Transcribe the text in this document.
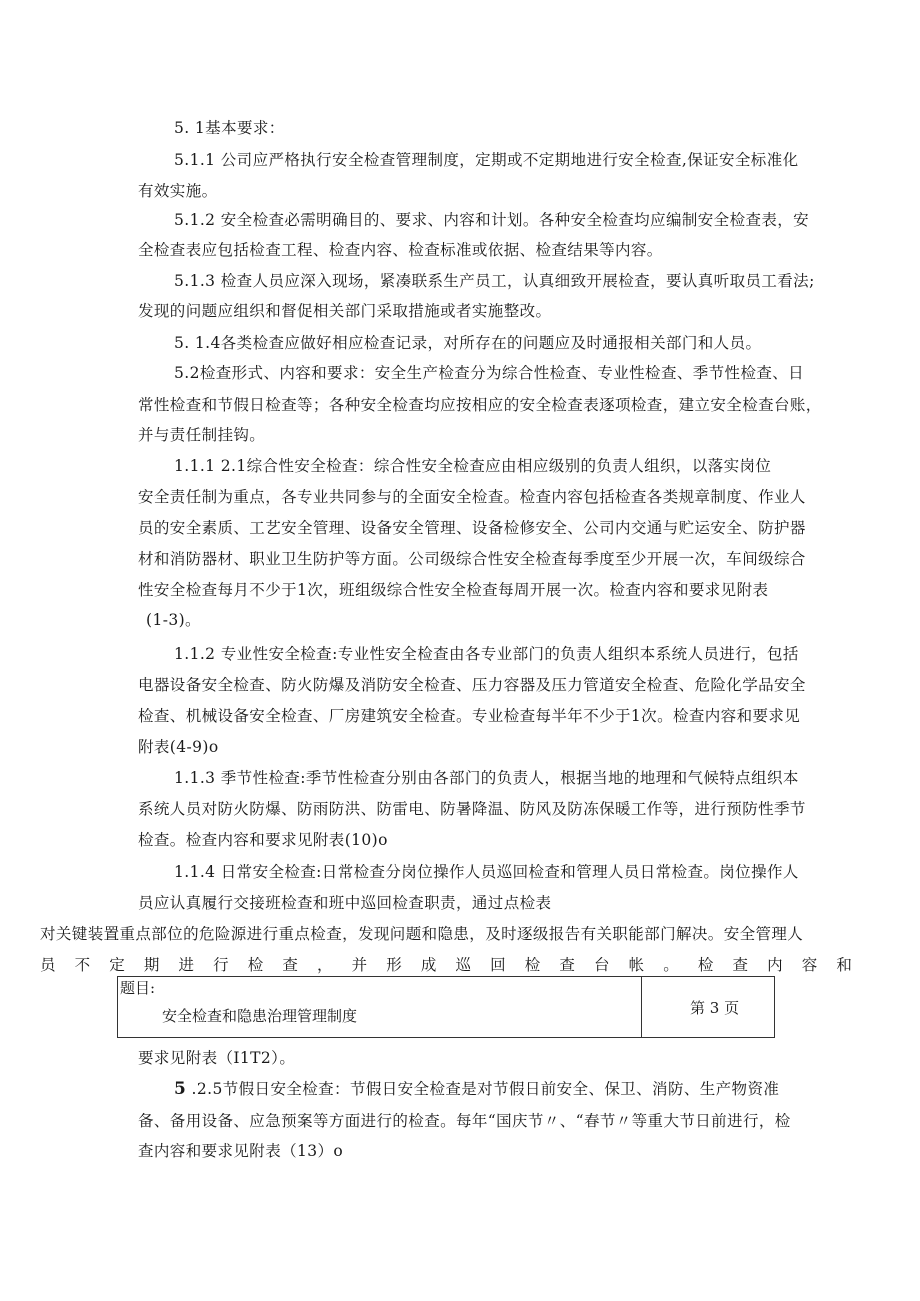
5. 1基本要求：
5.1.1 公司应严格执行安全检查管理制度，定期或不定期地进行安全检查,保证安全标准化
有效实施。
5.1.2 安全检查必需明确目的、要求、内容和计划。各种安全检查均应编制安全检查表，安
全检查表应包括检查工程、检查内容、检查标准或依据、检查结果等内容。
5.1.3 检查人员应深入现场，紧凑联系生产员工，认真细致开展检查，要认真听取员工看法;
发现的问题应组织和督促相关部门采取措施或者实施整改。
5. 1.4各类检查应做好相应检查记录，对所存在的问题应及时通报相关部门和人员。
5.2检查形式、内容和要求：安全生产检查分为综合性检查、专业性检查、季节性检查、日
常性检查和节假日检查等；各种安全检查均应按相应的安全检查表逐项检查，建立安全检查台账，
并与责任制挂钩。
1.1.1 2.1综合性安全检查：综合性安全检查应由相应级别的负责人组织，以落实岗位
安全责任制为重点，各专业共同参与的全面安全检查。检查内容包括检查各类规章制度、作业人
员的安全素质、工艺安全管理、设备安全管理、设备检修安全、公司内交通与贮运安全、防护器
材和消防器材、职业卫生防护等方面。公司级综合性安全检查每季度至少开展一次，车间级综合
性安全检查每月不少于1次，班组级综合性安全检查每周开展一次。检查内容和要求见附表
(1-3)。
1.1.2 专业性安全检查:专业性安全检查由各专业部门的负责人组织本系统人员进行，包括
电器设备安全检查、防火防爆及消防安全检查、压力容器及压力管道安全检查、危险化学品安全
检查、机械设备安全检查、厂房建筑安全检查。专业检查每半年不少于1次。检查内容和要求见
附表(4-9)o
1.1.3 季节性检查:季节性检查分别由各部门的负责人，根据当地的地理和气候特点组织本
系统人员对防火防爆、防雨防洪、防雷电、防暑降温、防风及防冻保暖工作等，进行预防性季节
检查。检查内容和要求见附表(10)o
1.1.4 日常安全检查:日常检查分岗位操作人员巡回检查和管理人员日常检查。岗位操作人
员应认真履行交接班检查和班中巡回检查职责，通过点检表
对关键装置重点部位的危险源进行重点检查，发现问题和隐患，及时逐级报告有关职能部门解决。安全管理人
员 不 定 期 进 行 检 查 ， 并 形 成 巡 回 检 查 台 帐 。 检 查 内 容 和
题目:
安全检查和隐患治理管理制度	第 3 页
要求见附表（I1T2）。
5 .2.5节假日安全检查：节假日安全检查是对节假日前安全、保卫、消防、生产物资准
备、备用设备、应急预案等方面进行的检查。每年“国庆节〃、“春节〃等重大节日前进行，检
查内容和要求见附表（13）o
